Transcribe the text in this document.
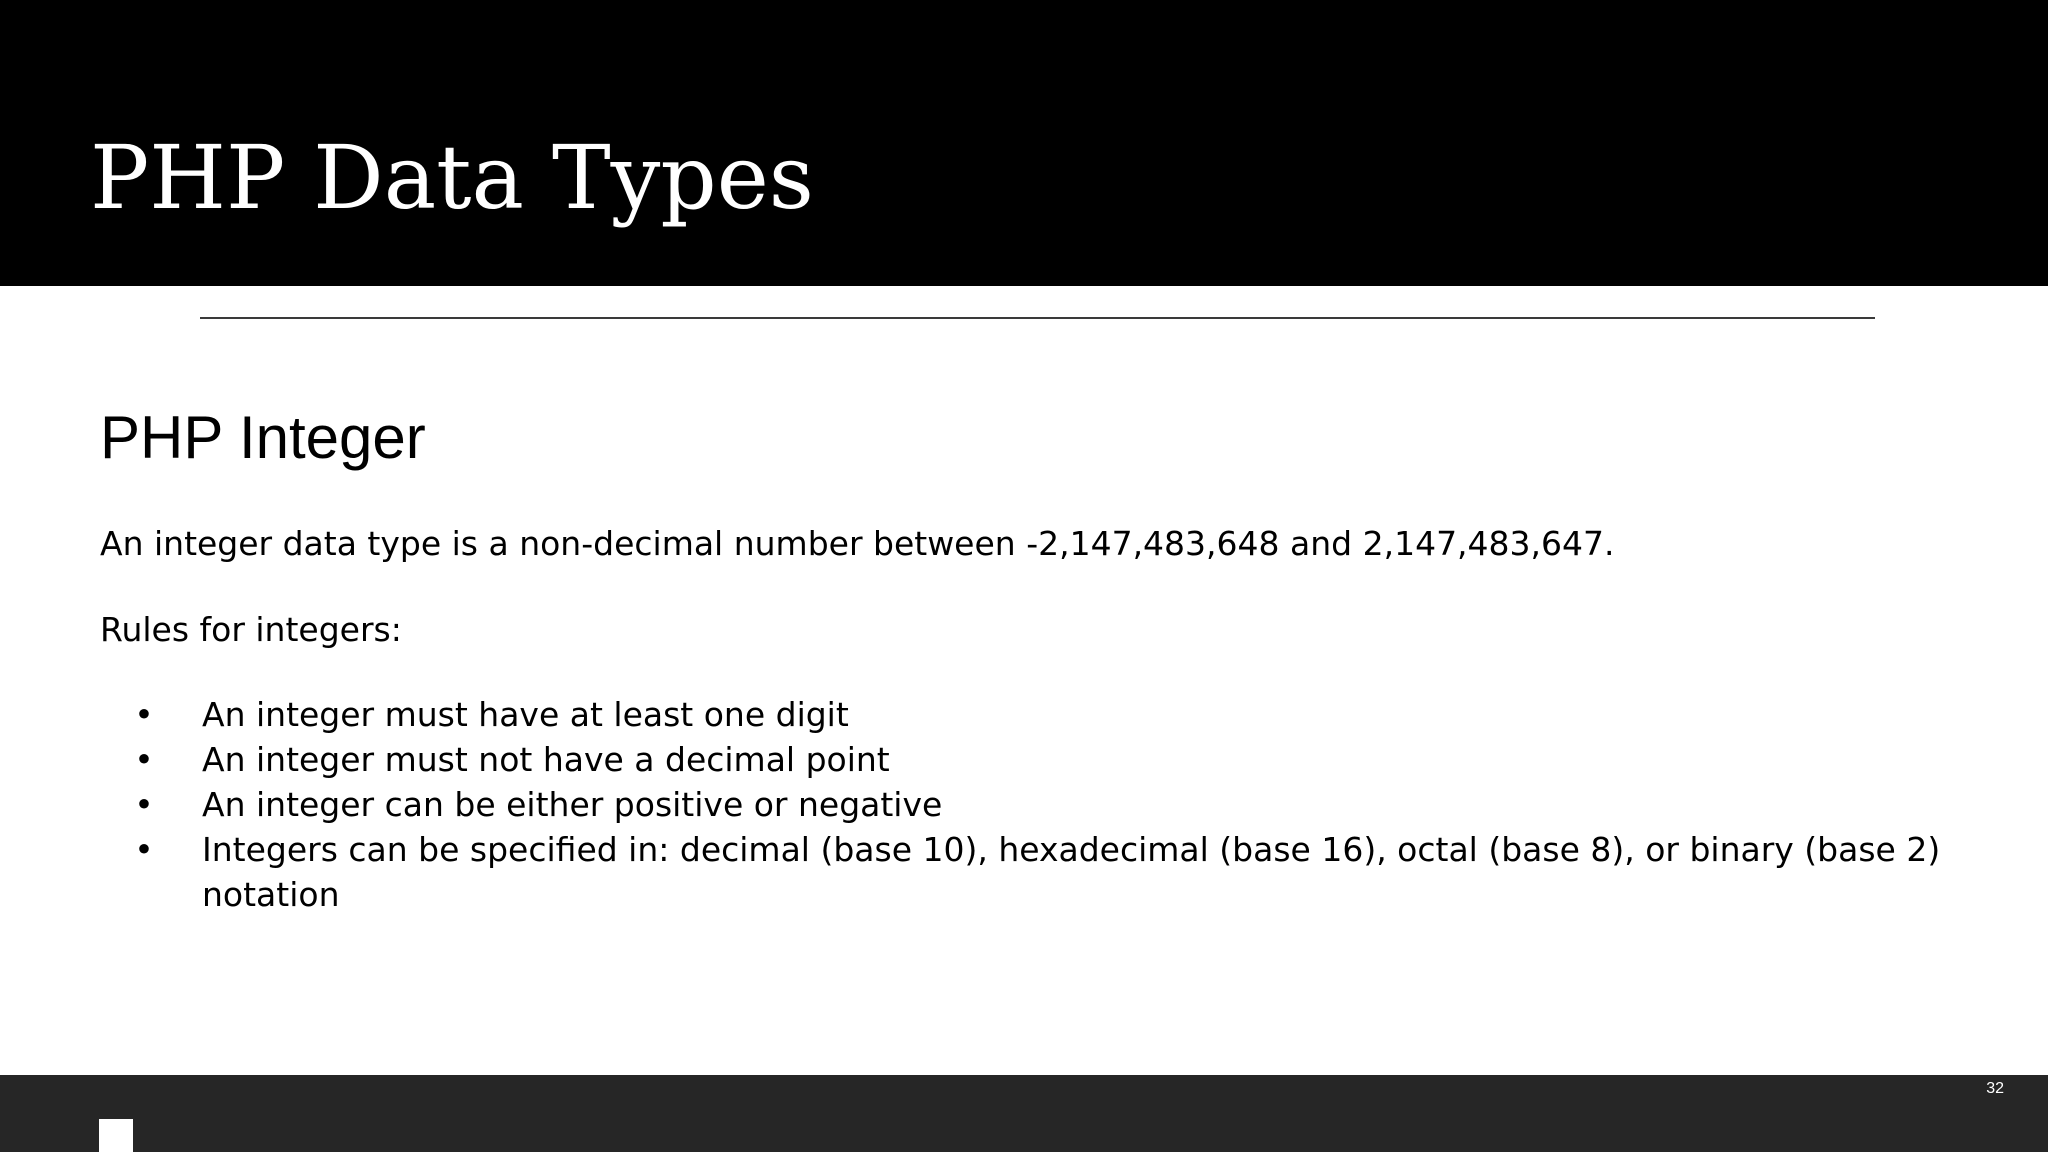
PHP Data Types
PHP Integer

An integer data type is a non-decimal number between -2,147,483,648 and 2,147,483,647.

Rules for integers:

• An integer must have at least one digit
• An integer must not have a decimal point
• An integer can be either positive or negative
• Integers can be specified in: decimal (base 10), hexadecimal (base 16), octal (base 8), or binary (base 2) notation
32
